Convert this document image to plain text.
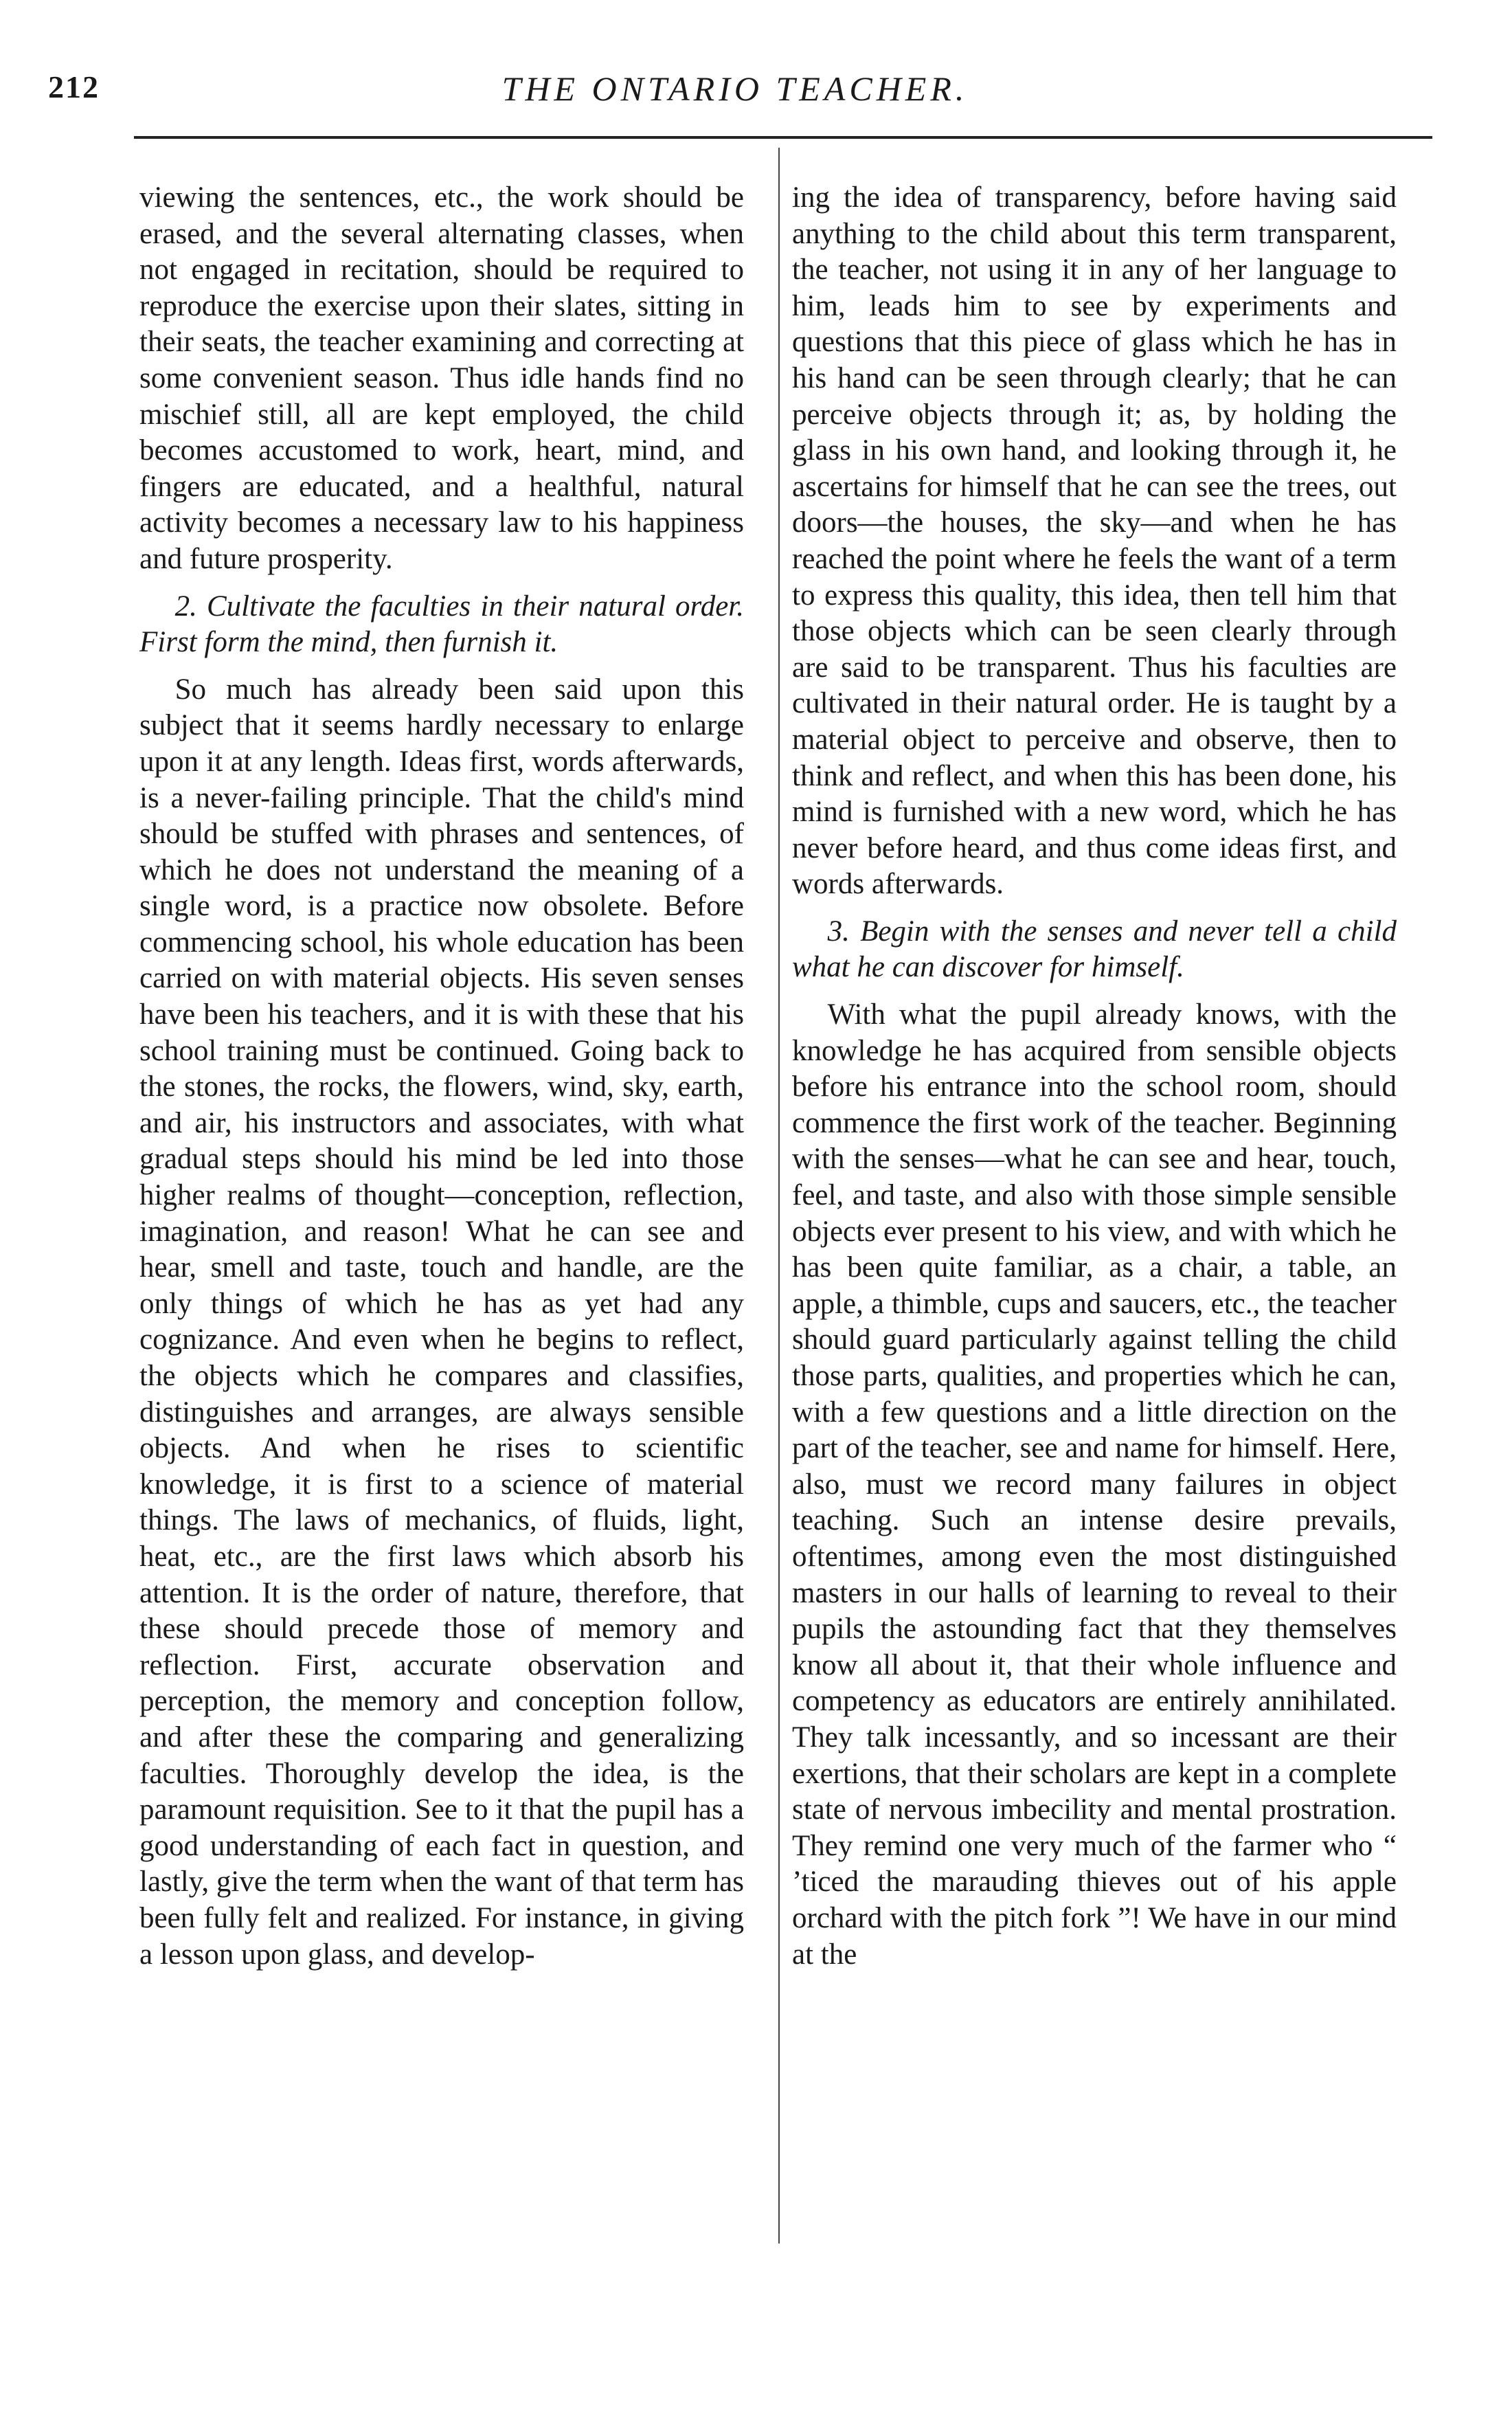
212	THE ONTARIO TEACHER.

viewing the sentences, etc., the work should be erased, and the several alternating classes, when not engaged in recitation, should be required to reproduce the exercise upon their slates, sitting in their seats, the teacher examining and correcting at some convenient season. Thus idle hands find no mischief still, all are kept employed, the child becomes accustomed to work, heart, mind, and fingers are educated, and a healthful, natural activity becomes a necessary law to his happiness and future prosperity.

2. Cultivate the faculties in their natural order. First form the mind, then furnish it.

So much has already been said upon this subject that it seems hardly necessary to enlarge upon it at any length. Ideas first, words afterwards, is a never-failing principle. That the child's mind should be stuffed with phrases and sentences, of which he does not understand the meaning of a single word, is a practice now obsolete. Before commencing school, his whole education has been carried on with material objects. His seven senses have been his teachers, and it is with these that his school training must be continued. Going back to the stones, the rocks, the flowers, wind, sky, earth, and air, his instructors and associates, with what gradual steps should his mind be led into those higher realms of thought—conception, reflection, imagination, and reason! What he can see and hear, smell and taste, touch and handle, are the only things of which he has as yet had any cognizance. And even when he begins to reflect, the objects which he compares and classifies, distinguishes and arranges, are always sensible objects. And when he rises to scientific knowledge, it is first to a science of material things. The laws of mechanics, of fluids, light, heat, etc., are the first laws which absorb his attention. It is the order of nature, therefore, that these should precede those of memory and reflection. First, accurate observation and perception, the memory and conception follow, and after these the comparing and generalizing faculties. Thoroughly develop the idea, is the paramount requisition. See to it that the pupil has a good understanding of each fact in question, and lastly, give the term when the want of that term has been fully felt and realized. For instance, in giving a lesson upon glass, and develop-

ing the idea of transparency, before having said anything to the child about this term transparent, the teacher, not using it in any of her language to him, leads him to see by experiments and questions that this piece of glass which he has in his hand can be seen through clearly; that he can perceive objects through it; as, by holding the glass in his own hand, and looking through it, he ascertains for himself that he can see the trees, out doors—the houses, the sky—and when he has reached the point where he feels the want of a term to express this quality, this idea, then tell him that those objects which can be seen clearly through are said to be transparent. Thus his faculties are cultivated in their natural order. He is taught by a material object to perceive and observe, then to think and reflect, and when this has been done, his mind is furnished with a new word, which he has never before heard, and thus come ideas first, and words afterwards.

3. Begin with the senses and never tell a child what he can discover for himself.

With what the pupil already knows, with the knowledge he has acquired from sensible objects before his entrance into the school room, should commence the first work of the teacher. Beginning with the senses—what he can see and hear, touch, feel, and taste, and also with those simple sensible objects ever present to his view, and with which he has been quite familiar, as a chair, a table, an apple, a thimble, cups and saucers, etc., the teacher should guard particularly against telling the child those parts, qualities, and properties which he can, with a few questions and a little direction on the part of the teacher, see and name for himself. Here, also, must we record many failures in object teaching. Such an intense desire prevails, oftentimes, among even the most distinguished masters in our halls of learning to reveal to their pupils the astounding fact that they themselves know all about it, that their whole influence and competency as educators are entirely annihilated. They talk incessantly, and so incessant are their exertions, that their scholars are kept in a complete state of nervous imbecility and mental prostration. They remind one very much of the farmer who “ ’ticed the marauding thieves out of his apple orchard with the pitch fork ”! We have in our mind at the
